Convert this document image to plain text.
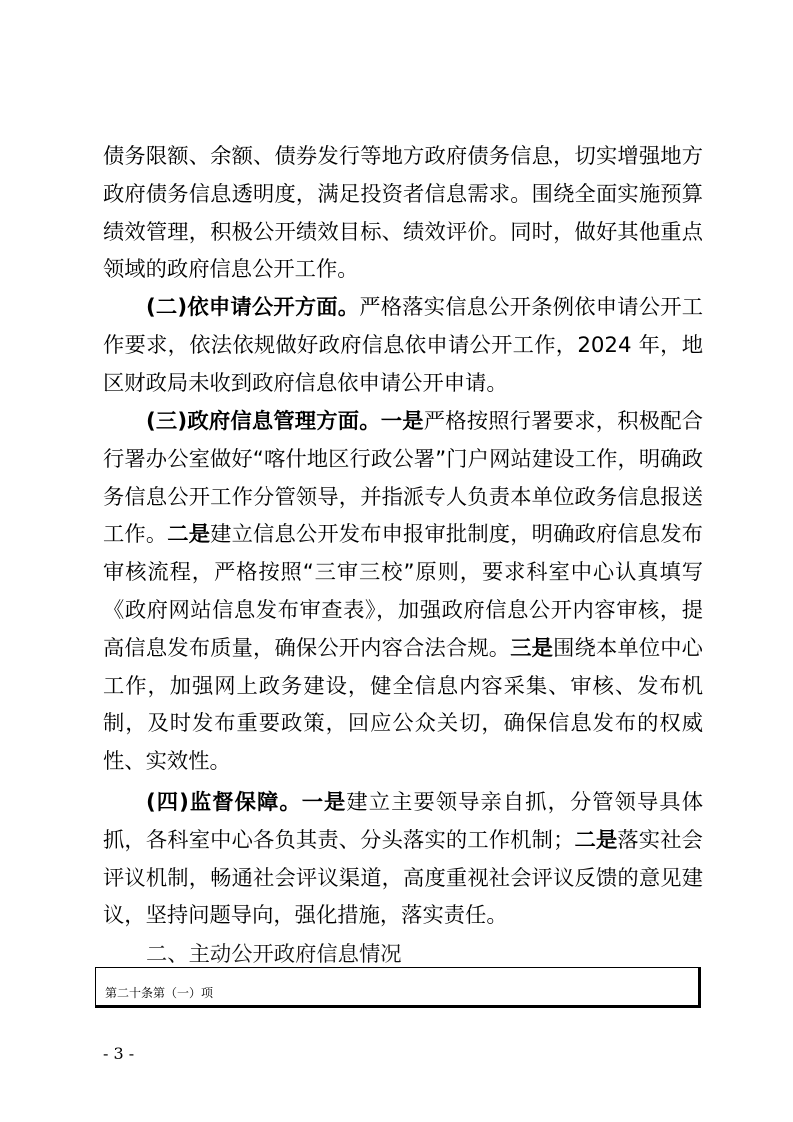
债务限额、余额、债券发行等地方政府债务信息，切实增强地方政府债务信息透明度，满足投资者信息需求。围绕全面实施预算绩效管理，积极公开绩效目标、绩效评价。同时，做好其他重点领域的政府信息公开工作。

(二)依申请公开方面。严格落实信息公开条例依申请公开工作要求，依法依规做好政府信息依申请公开工作，2024 年，地区财政局未收到政府信息依申请公开申请。

(三)政府信息管理方面。一是严格按照行署要求，积极配合行署办公室做好“喀什地区行政公署”门户网站建设工作，明确政务信息公开工作分管领导，并指派专人负责本单位政务信息报送工作。二是建立信息公开发布申报审批制度，明确政府信息发布审核流程，严格按照“三审三校”原则，要求科室中心认真填写《政府网站信息发布审查表》，加强政府信息公开内容审核，提高信息发布质量，确保公开内容合法合规。三是围绕本单位中心工作，加强网上政务建设，健全信息内容采集、审核、发布机制，及时发布重要政策，回应公众关切，确保信息发布的权威性、实效性。

(四)监督保障。一是建立主要领导亲自抓，分管领导具体抓，各科室中心各负其责、分头落实的工作机制；二是落实社会评议机制，畅通社会评议渠道，高度重视社会评议反馈的意见建议，坚持问题导向，强化措施，落实责任。

二、主动公开政府信息情况
第二十条第（一）项
- 3 -
